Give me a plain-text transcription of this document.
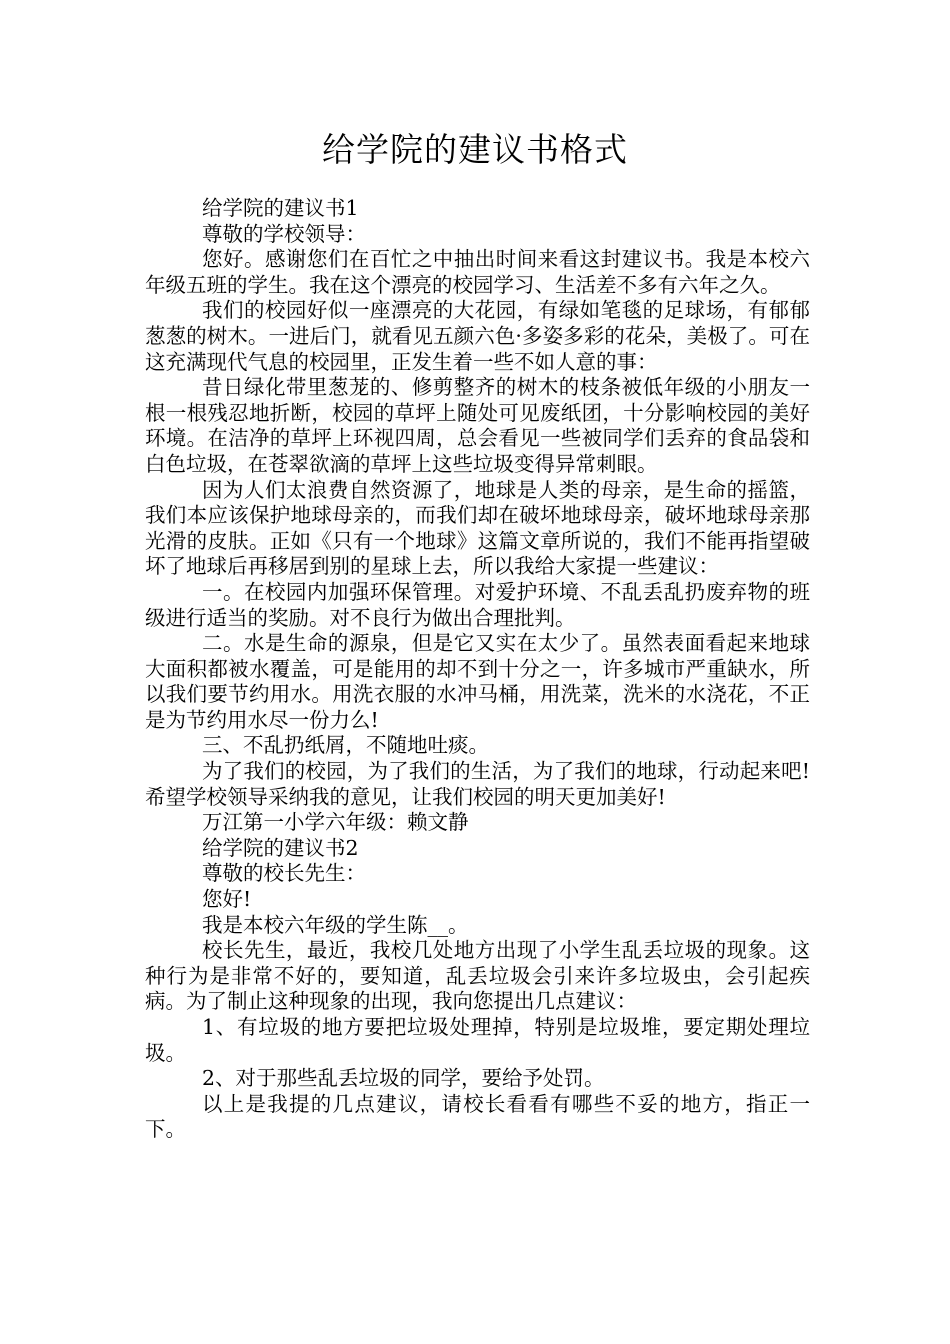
给学院的建议书格式

给学院的建议书1

尊敬的学校领导：

您好。感谢您们在百忙之中抽出时间来看这封建议书。我是本校六年级五班的学生。我在这个漂亮的校园学习、生活差不多有六年之久。

我们的校园好似一座漂亮的大花园，有绿如笔毯的足球场，有郁郁葱葱的树木。一进后门，就看见五颜六色·多姿多彩的花朵，美极了。可在这充满现代气息的校园里，正发生着一些不如人意的事：

昔日绿化带里葱茏的、修剪整齐的树木的枝条被低年级的小朋友一根一根残忍地折断，校园的草坪上随处可见废纸团，十分影响校园的美好环境。在洁净的草坪上环视四周，总会看见一些被同学们丢弃的食品袋和白色垃圾，在苍翠欲滴的草坪上这些垃圾变得异常刺眼。

因为人们太浪费自然资源了，地球是人类的母亲，是生命的摇篮，我们本应该保护地球母亲的，而我们却在破坏地球母亲，破坏地球母亲那光滑的皮肤。正如《只有一个地球》这篇文章所说的，我们不能再指望破坏了地球后再移居到别的星球上去，所以我给大家提一些建议：

一。在校园内加强环保管理。对爱护环境、不乱丢乱扔废弃物的班级进行适当的奖励。对不良行为做出合理批判。

二。水是生命的源泉，但是它又实在太少了。虽然表面看起来地球大面积都被水覆盖，可是能用的却不到十分之一，许多城市严重缺水，所以我们要节约用水。用洗衣服的水冲马桶，用洗菜，洗米的水浇花，不正是为节约用水尽一份力么!

三、不乱扔纸屑，不随地吐痰。

为了我们的校园，为了我们的生活，为了我们的地球，行动起来吧!希望学校领导采纳我的意见，让我们校园的明天更加美好!

万江第一小学六年级：赖文静

给学院的建议书2

尊敬的校长先生：

您好!

我是本校六年级的学生陈__。

校长先生，最近，我校几处地方出现了小学生乱丢垃圾的现象。这种行为是非常不好的，要知道，乱丢垃圾会引来许多垃圾虫，会引起疾病。为了制止这种现象的出现，我向您提出几点建议：

1、有垃圾的地方要把垃圾处理掉，特别是垃圾堆，要定期处理垃圾。

2、对于那些乱丢垃圾的同学，要给予处罚。

以上是我提的几点建议，请校长看看有哪些不妥的地方，指正一下。
